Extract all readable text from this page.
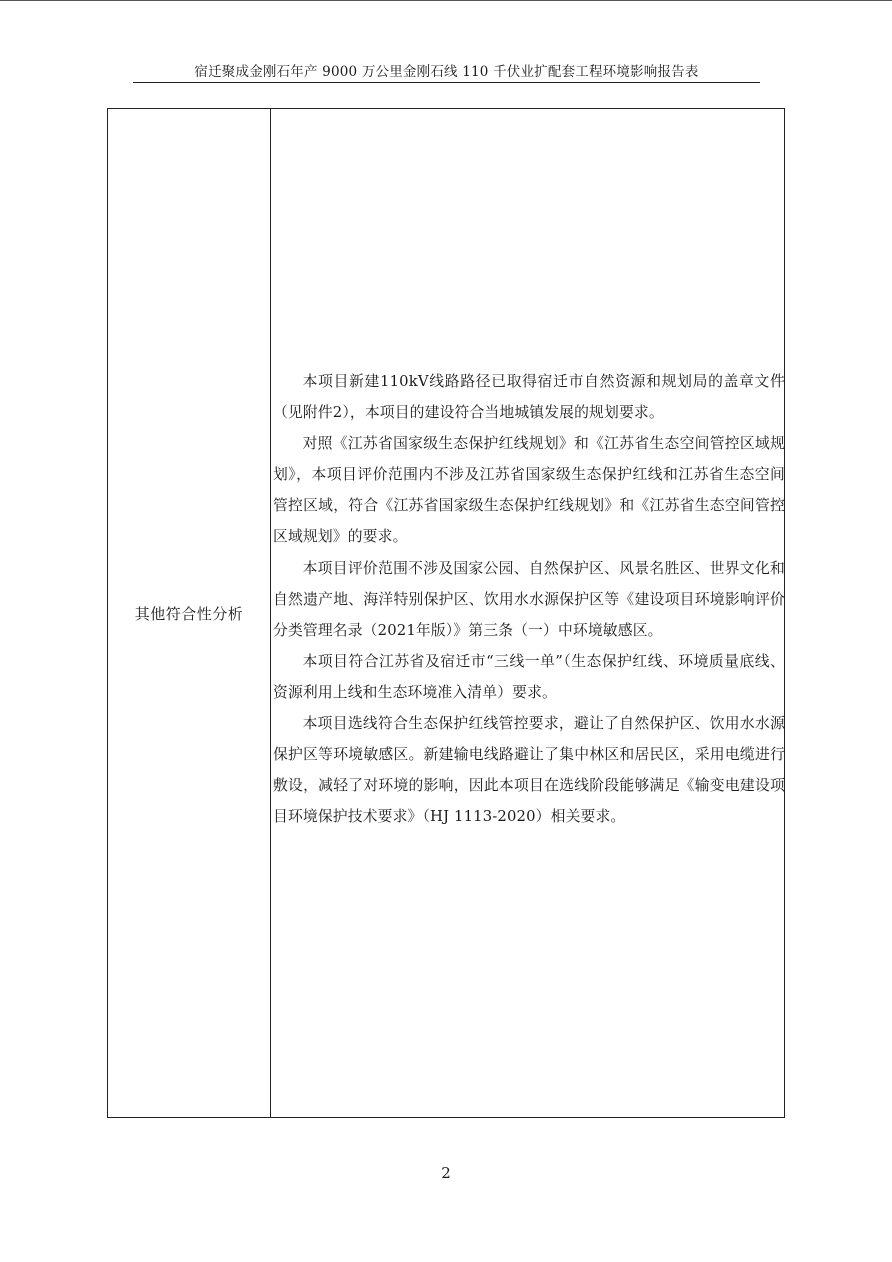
宿迁聚成金刚石年产 9000 万公里金刚石线 110 千伏业扩配套工程环境影响报告表
其他符合性分析

本项目新建110kV线路路径已取得宿迁市自然资源和规划局的盖章文件（见附件2），本项目的建设符合当地城镇发展的规划要求。

对照《江苏省国家级生态保护红线规划》和《江苏省生态空间管控区域规划》，本项目评价范围内不涉及江苏省国家级生态保护红线和江苏省生态空间管控区域，符合《江苏省国家级生态保护红线规划》和《江苏省生态空间管控区域规划》的要求。

本项目评价范围不涉及国家公园、自然保护区、风景名胜区、世界文化和自然遗产地、海洋特别保护区、饮用水水源保护区等《建设项目环境影响评价分类管理名录（2021年版）》第三条（一）中环境敏感区。

本项目符合江苏省及宿迁市“三线一单”（生态保护红线、环境质量底线、资源利用上线和生态环境准入清单）要求。

本项目选线符合生态保护红线管控要求，避让了自然保护区、饮用水水源保护区等环境敏感区。新建输电线路避让了集中林区和居民区，采用电缆进行敷设，减轻了对环境的影响，因此本项目在选线阶段能够满足《输变电建设项目环境保护技术要求》（HJ 1113-2020）相关要求。

2
